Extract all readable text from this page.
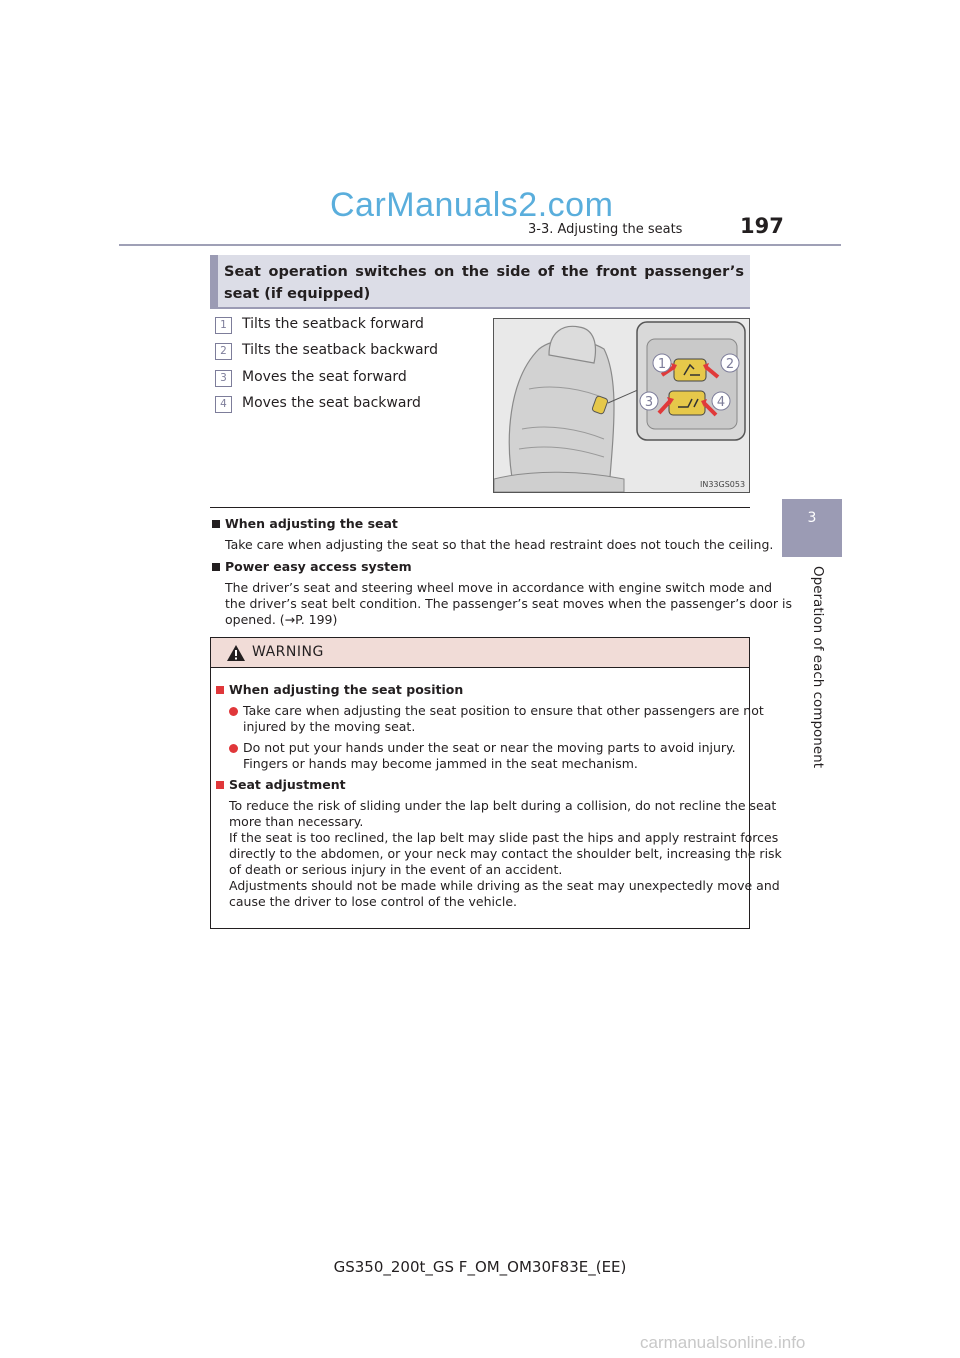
CarManuals2.com
3-3. Adjusting the seats	197
3
Operation of each component
Seat operation switches on the side of the front passenger’s seat (if equipped)
1	Tilts the seatback forward
2	Tilts the seatback backward
3	Moves the seat forward
4	Moves the seat backward
1	2
3	4
IN33GS053
When adjusting the seat
Take care when adjusting the seat so that the head restraint does not touch the ceiling.
Power easy access system
The driver’s seat and steering wheel move in accordance with engine switch mode and
the driver’s seat belt condition. The passenger’s seat moves when the passenger’s door is
opened. (→P. 199)
WARNING
When adjusting the seat position
Take care when adjusting the seat position to ensure that other passengers are not
injured by the moving seat.
Do not put your hands under the seat or near the moving parts to avoid injury.
Fingers or hands may become jammed in the seat mechanism.
Seat adjustment
To reduce the risk of sliding under the lap belt during a collision, do not recline the seat
more than necessary.
If the seat is too reclined, the lap belt may slide past the hips and apply restraint forces
directly to the abdomen, or your neck may contact the shoulder belt, increasing the risk
of death or serious injury in the event of an accident.
Adjustments should not be made while driving as the seat may unexpectedly move and
cause the driver to lose control of the vehicle.
GS350_200t_GS F_OM_OM30F83E_(EE)
carmanualsonline.info
